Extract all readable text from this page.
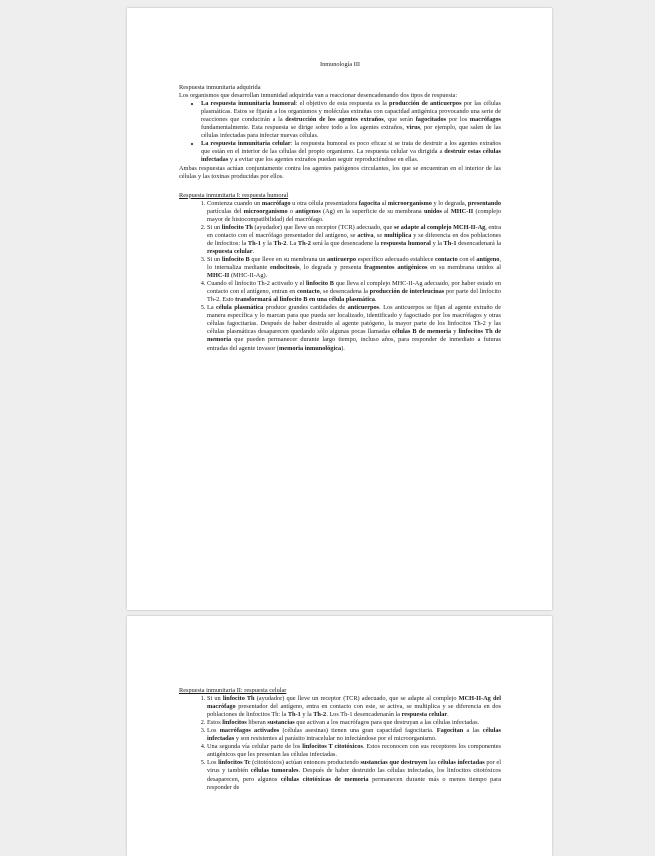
Inmunología III

Respuesta inmunitaria adquirida

Los organismos que desarrollan inmunidad adquirida van a reaccionar desencadenando dos tipos de respuesta:

• La respuesta inmunitaria humoral: el objetivo de esta respuesta es la producción de anticuerpos por las células plasmáticas. Estos se fijarán a los organismos y moléculas extrañas con capacidad antigénica provocando una serie de reacciones que conducirán a la destrucción de los agentes extraños, que serán fagocitados por los macrófagos fundamentalmente. Esta respuesta se dirige sobre todo a los agentes extraños, virus, por ejemplo, que salen de las células infectadas para infectar nuevas células.
• La respuesta inmunitaria celular: la respuesta humoral es poco eficaz si se trata de destruir a los agentes extraños que están en el interior de las células del propio organismo. La respuesta celular va dirigida a destruir estas células infectadas y a evitar que los agentes extraños puedan seguir reproduciéndose en ellas.

Ambas respuestas actúan conjuntamente contra los agentes patógenos circulantes, los que se encuentran en el interior de las células y las toxinas producidas por ellos.

Respuesta inmunitaria I: respuesta humoral

1. Comienza cuando un macrófago u otra célula presentadora fagocita al microorganismo y lo degrada, presentando partículas del microorganismo o antígenos (Ag) en la superficie de su membrana unidos al MHC-II (complejo mayor de histocompatibilidad) del macrófago.
2. Si un linfocito Th (ayudador) que lleve un receptor (TCR) adecuado, que se adapte al complejo MCH-II-Ag, entra en contacto con el macrófago presentador del antígeno, se activa, se multiplica y se diferencia en dos poblaciones de linfocitos: la Th-1 y la Th-2. La Th-2 será la que desencadene la respuesta humoral y la Th-1 desencadenará la respuesta celular.
3. Si un linfocito B que lleve en su membrana un anticuerpo específico adecuado establece contacto con el antígeno, lo internaliza mediante endocitosis, lo degrada y presenta fragmentos antigénicos en su membrana unidos al MHC-II (MHC-II-Ag).
4. Cuando el linfocito Th-2 activado y el linfocito B que lleva el complejo MHC-II-Ag adecuado, por haber estado en contacto con el antígeno, entran en contacto, se desencadena la producción de interleucinas por parte del linfocito Th-2. Esto transformará al linfocito B en una célula plasmática.
5. La célula plasmática produce grandes cantidades de anticuerpos. Los anticuerpos se fijan al agente extraño de manera específica y lo marcan para que pueda ser localizado, identificado y fagocitado por los macrófagos y otras células fagocitarias. Después de haber destruido al agente patógeno, la mayor parte de los linfocitos Th-2 y las células plasmáticas desaparecen quedando sólo algunas pocas llamadas células B de memoria y linfocitos Th de memoria que pueden permanecer durante largo tiempo, incluso años, para responder de inmediato a futuras entradas del agente invasor (memoria inmunológica).

Respuesta inmunitaria II: respuesta celular

1. Si un linfocito Th (ayudador) que lleve un receptor (TCR) adecuado, que se adapte al complejo MCH-II-Ag del macrófago presentador del antígeno, entra en contacto con este, se activa, se multiplica y se diferencia en dos poblaciones de linfocitos Th: la Th-1 y la Th-2. Los Th-1 desencadenarán la respuesta celular.
2. Estos linfocitos liberan sustancias que activan a los macrófagos para que destruyan a las células infectadas.
3. Los macrófagos activados (células asesinas) tienen una gran capacidad fagocitaria. Fagocitan a las células infectadas y son resistentes al parásito intracelular no infectándose por el microorganismo.
4. Una segunda vía celular parte de los linfocitos T citotóxicos. Estos reconocen con sus receptores los componentes antigénicos que les presentan las células infectadas.
5. Los linfocitos Tc (citotóxicos) actúan entonces produciendo sustancias que destruyen las células infectadas por el virus y también células tumorales. Después de haber destruido las células infectadas, los linfocitos citotóxicos desaparecen, pero algunos células citotóxicas de memoria permanecen durante más o menos tiempo para responder de
